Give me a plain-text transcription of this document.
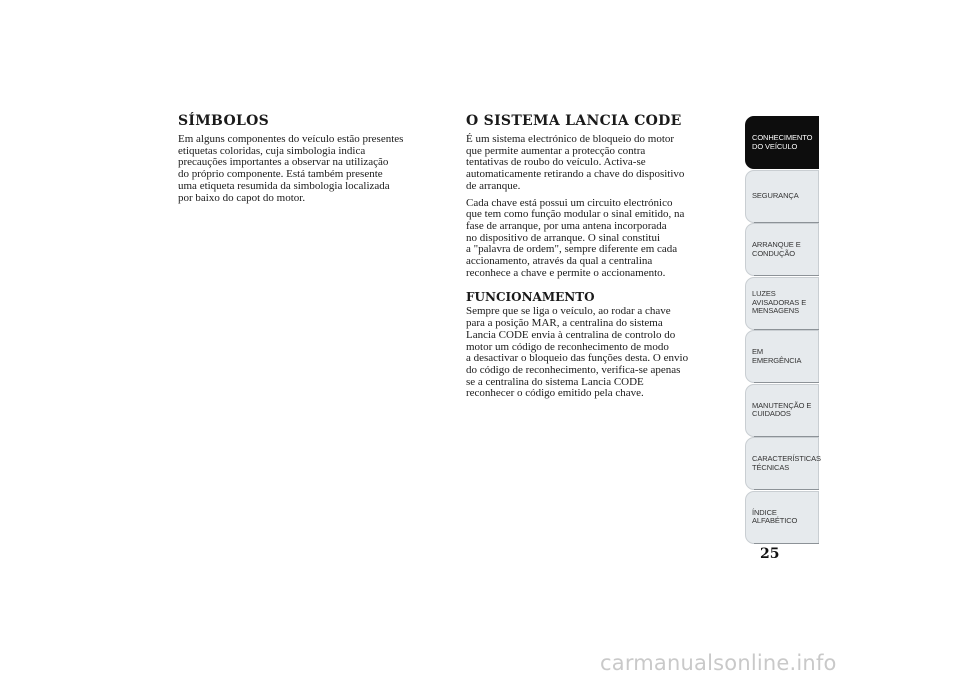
SÍMBOLOS

Em alguns componentes do veículo estão presentes
etiquetas coloridas, cuja simbologia indica
precauções importantes a observar na utilização
do próprio componente. Está também presente
uma etiqueta resumida da simbologia localizada
por baixo do capot do motor.

O SISTEMA LANCIA CODE

É um sistema electrónico de bloqueio do motor
que permite aumentar a protecção contra
tentativas de roubo do veículo. Activa-se
automaticamente retirando a chave do dispositivo
de arranque.

Cada chave está possui um circuito electrónico
que tem como função modular o sinal emitido, na
fase de arranque, por uma antena incorporada
no dispositivo de arranque. O sinal constitui
a "palavra de ordem", sempre diferente em cada
accionamento, através da qual a centralina
reconhece a chave e permite o accionamento.

FUNCIONAMENTO

Sempre que se liga o veículo, ao rodar a chave
para a posição MAR, a centralina do sistema
Lancia CODE envia à centralina de controlo do
motor um código de reconhecimento de modo
a desactivar o bloqueio das funções desta. O envio
do código de reconhecimento, verifica-se apenas
se a centralina do sistema Lancia CODE
reconhecer o código emitido pela chave.

CONHECIMENTO
DO VEÍCULO
SEGURANÇA
ARRANQUE E
CONDUÇÃO
LUZES
AVISADORAS E
MENSAGENS
EM EMERGÊNCIA
MANUTENÇÃO E
CUIDADOS
CARACTERÍSTICAS
TÉCNICAS
ÍNDICE
ALFABÉTICO
25
carmanualsonline.info
